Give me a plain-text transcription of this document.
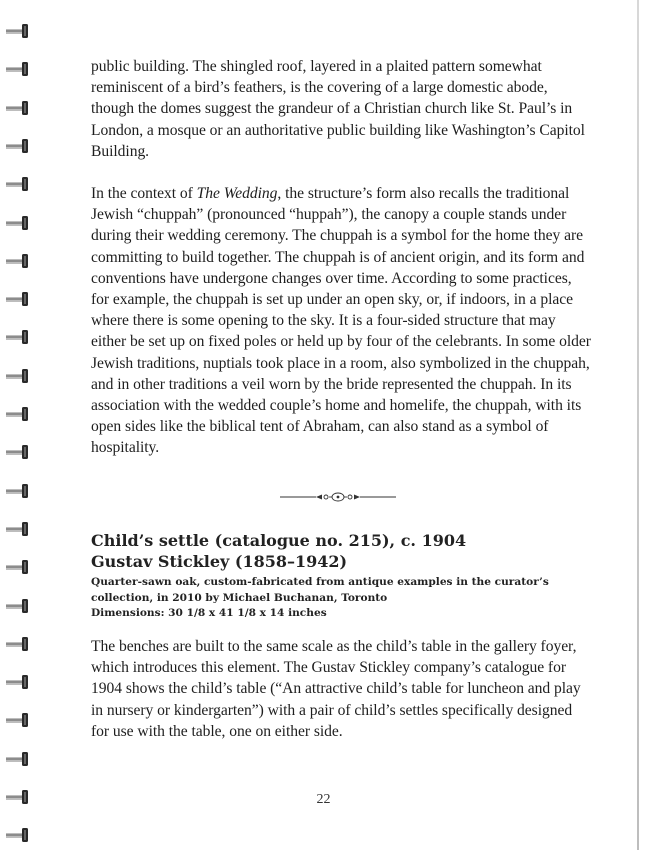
public building. The shingled roof, layered in a plaited pattern somewhat reminiscent of a bird’s feathers, is the covering of a large domestic abode, though the domes suggest the grandeur of a Christian church like St. Paul’s in London, a mosque or an authoritative public building like Washington’s Capitol Building.

In the context of The Wedding, the structure’s form also recalls the traditional Jewish “chuppah” (pronounced “huppah”), the canopy a couple stands under during their wedding ceremony. The chuppah is a symbol for the home they are committing to build together. The chuppah is of ancient origin, and its form and conventions have undergone changes over time. According to some practices, for example, the chuppah is set up under an open sky, or, if indoors, in a place where there is some opening to the sky. It is a four-sided structure that may either be set up on fixed poles or held up by four of the celebrants. In some older Jewish traditions, nuptials took place in a room, also symbolized in the chuppah, and in other traditions a veil worn by the bride represented the chuppah. In its association with the wedded couple’s home and homelife, the chuppah, with its open sides like the biblical tent of Abraham, can also stand as a symbol of hospitality.

Child’s settle (catalogue no. 215), c. 1904
Gustav Stickley (1858–1942)
Quarter-sawn oak, custom-fabricated from antique examples in the curator’s collection, in 2010 by Michael Buchanan, Toronto
Dimensions: 30 1/8 x 41 1/8 x 14 inches

The benches are built to the same scale as the child’s table in the gallery foyer, which introduces this element. The Gustav Stickley company’s catalogue for 1904 shows the child’s table (“An attractive child’s table for luncheon and play in nursery or kindergarten”) with a pair of child’s settles specifically designed for use with the table, one on either side.

22
